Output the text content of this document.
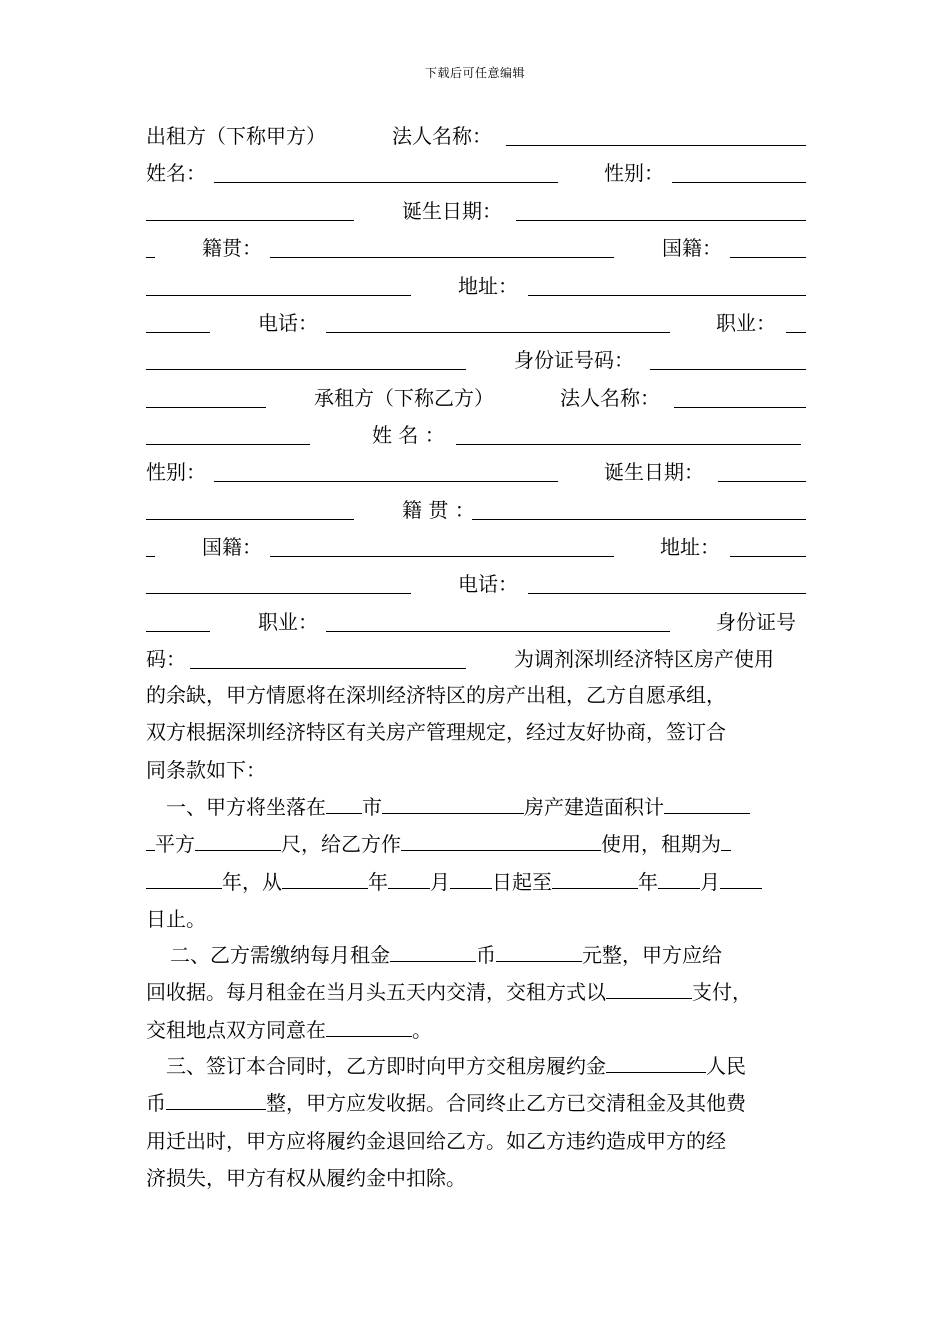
下载后可任意编辑
出租方（下称甲方）	法人名称：
姓名：	性别：
诞生日期：
籍贯：	国籍：
地址：
电话：	职业：
身份证号码：
承租方（下称乙方）	法人名称：
姓 名 ：
性别：	诞生日期：
籍 贯 ：
国籍：	地址：
电话：
职业：	身份证号
码：	为调剂深圳经济特区房产使用

的余缺，甲方情愿将在深圳经济特区的房产出租，乙方自愿承组，

双方根据深圳经济特区有关房产管理规定，经过友好协商，签订合

同条款如下：

一、甲方将坐落在 市	房产建造面积计

平方	尺，给乙方作	使用，租期为

年，从	年 月 日起至	年 月

日止。

二、乙方需缴纳每月租金	币	元整，甲方应给

回收据。每月租金在当月头五天内交清，交租方式以	支付，

交租地点双方同意在	。

三、签订本合同时，乙方即时向甲方交租房履约金	人民

币	整，甲方应发收据。合同终止乙方已交清租金及其他费

用迁出时，甲方应将履约金退回给乙方。如乙方违约造成甲方的经

济损失，甲方有权从履约金中扣除。
